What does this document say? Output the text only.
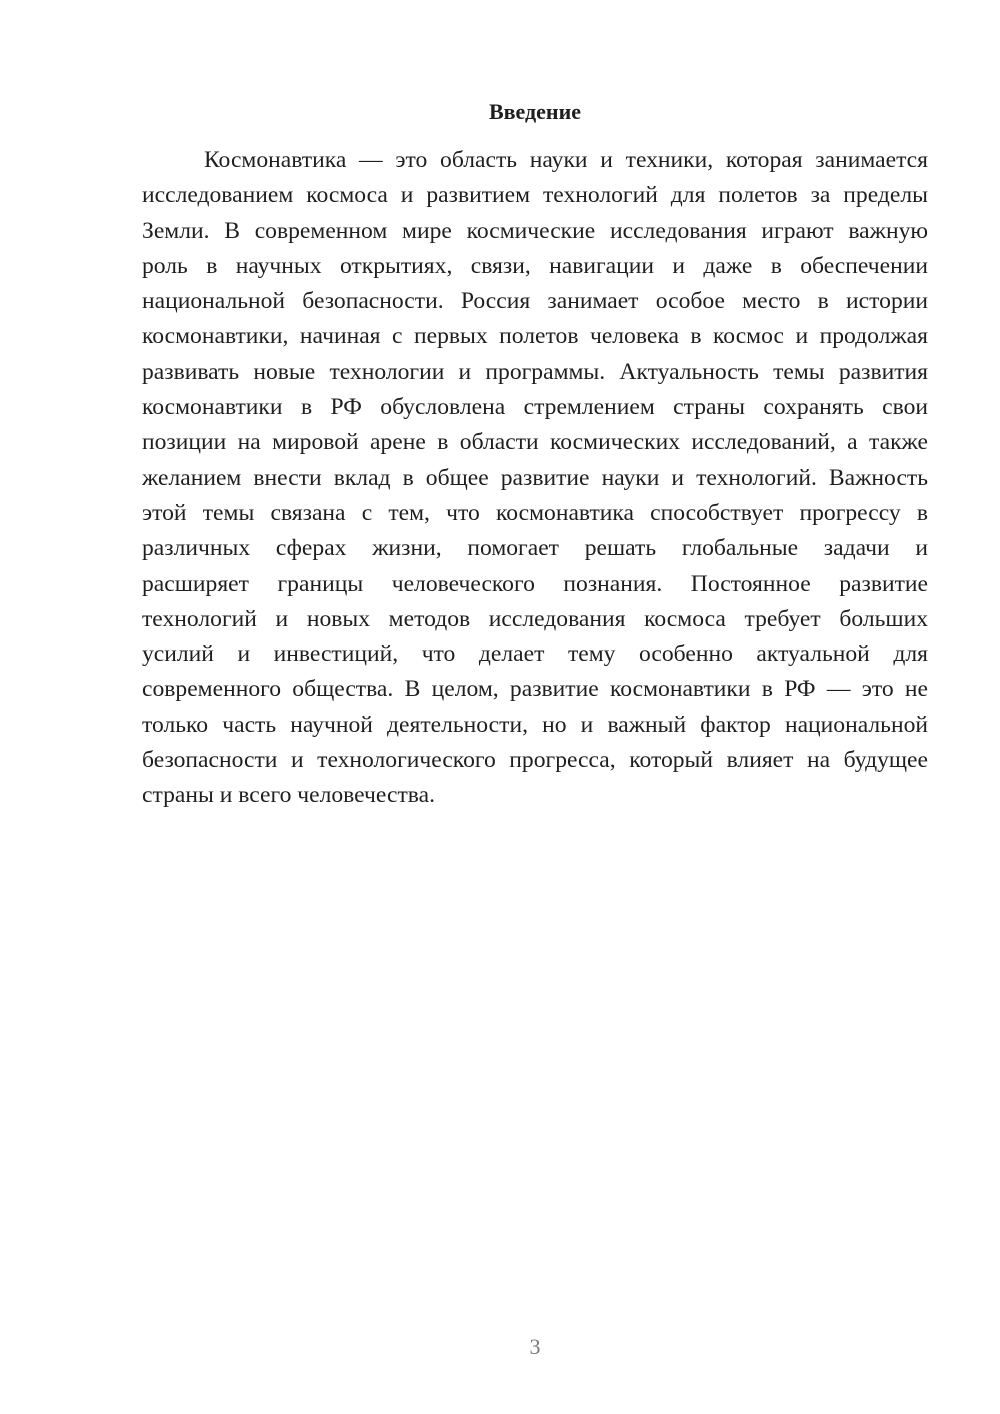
Введение

Космонавтика — это область науки и техники, которая занимается
исследованием космоса и развитием технологий для полетов за пределы
Земли. В современном мире космические исследования играют важную
роль в научных открытиях, связи, навигации и даже в обеспечении
национальной безопасности. Россия занимает особое место в истории
космонавтики, начиная с первых полетов человека в космос и продолжая
развивать новые технологии и программы. Актуальность темы развития
космонавтики в РФ обусловлена стремлением страны сохранять свои
позиции на мировой арене в области космических исследований, а также
желанием внести вклад в общее развитие науки и технологий. Важность
этой темы связана с тем, что космонавтика способствует прогрессу в
различных сферах жизни, помогает решать глобальные задачи и
расширяет границы человеческого познания. Постоянное развитие
технологий и новых методов исследования космоса требует больших
усилий и инвестиций, что делает тему особенно актуальной для
современного общества. В целом, развитие космонавтики в РФ — это не
только часть научной деятельности, но и важный фактор национальной
безопасности и технологического прогресса, который влияет на будущее
страны и всего человечества.

3
